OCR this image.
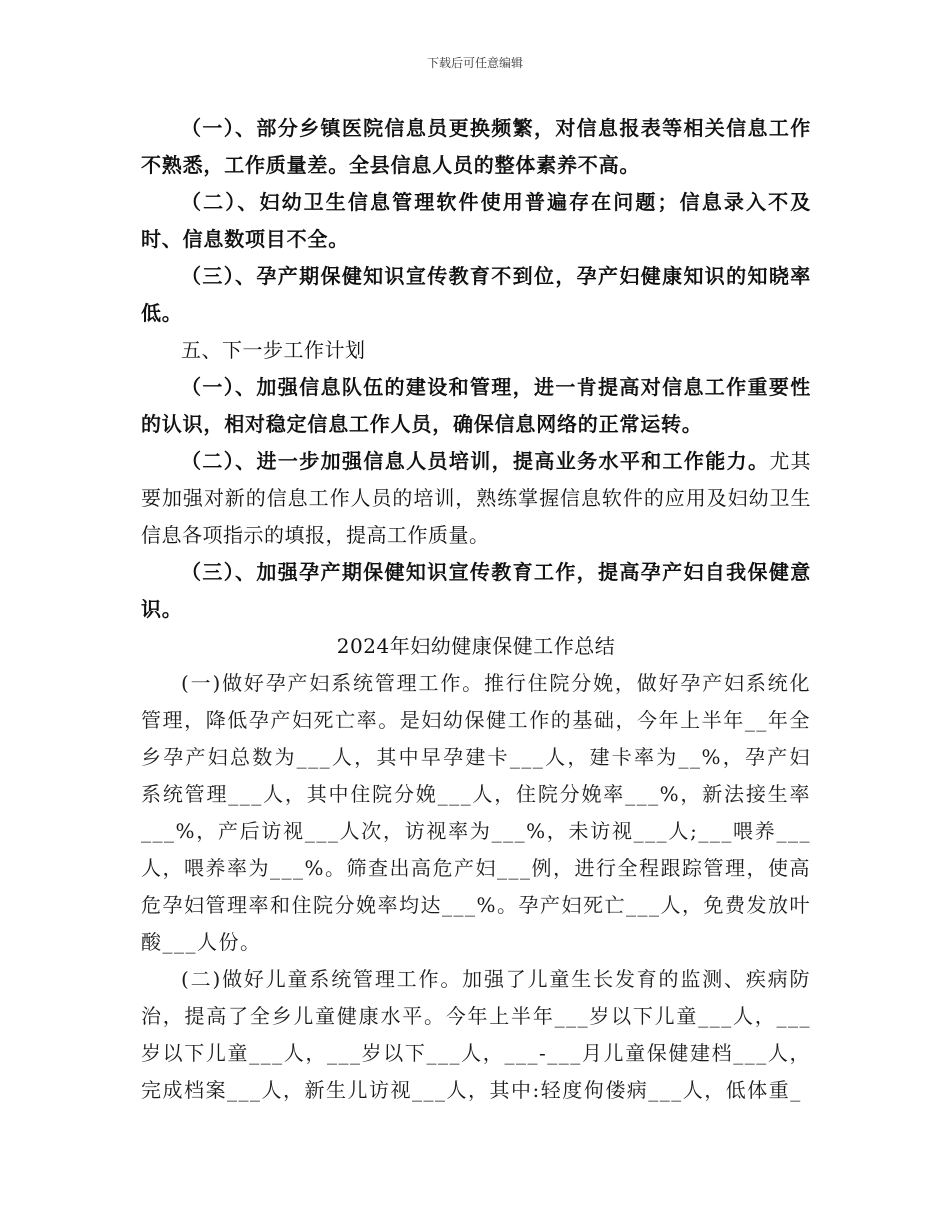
下载后可任意编辑

（一）、部分乡镇医院信息员更换频繁，对信息报表等相关信息工作不熟悉，工作质量差。全县信息人员的整体素养不高。

（二）、妇幼卫生信息管理软件使用普遍存在问题；信息录入不及时、信息数项目不全。

（三）、孕产期保健知识宣传教育不到位，孕产妇健康知识的知晓率低。

五、下一步工作计划

（一）、加强信息队伍的建设和管理，进一肯提高对信息工作重要性的认识，相对稳定信息工作人员，确保信息网络的正常运转。

（二）、进一步加强信息人员培训，提高业务水平和工作能力。尤其要加强对新的信息工作人员的培训，熟练掌握信息软件的应用及妇幼卫生信息各项指示的填报，提高工作质量。

（三）、加强孕产期保健知识宣传教育工作，提高孕产妇自我保健意识。

2024年妇幼健康保健工作总结

(一)做好孕产妇系统管理工作。推行住院分娩，做好孕产妇系统化管理，降低孕产妇死亡率。是妇幼保健工作的基础，今年上半年__年全乡孕产妇总数为___人，其中早孕建卡___人，建卡率为__%，孕产妇系统管理___人，其中住院分娩___人，住院分娩率___%，新法接生率___%，产后访视___人次，访视率为___%，未访视___人;___喂养___人，喂养率为___%。筛查出高危产妇___例，进行全程跟踪管理，使高危孕妇管理率和住院分娩率均达___%。孕产妇死亡___人，免费发放叶酸___人份。

(二)做好儿童系统管理工作。加强了儿童生长发育的监测、疾病防治，提高了全乡儿童健康水平。今年上半年___岁以下儿童___人，___岁以下儿童___人，___岁以下___人，___-___月儿童保健建档___人，完成档案___人，新生儿访视___人，其中:轻度佝偻病___人，低体重_
